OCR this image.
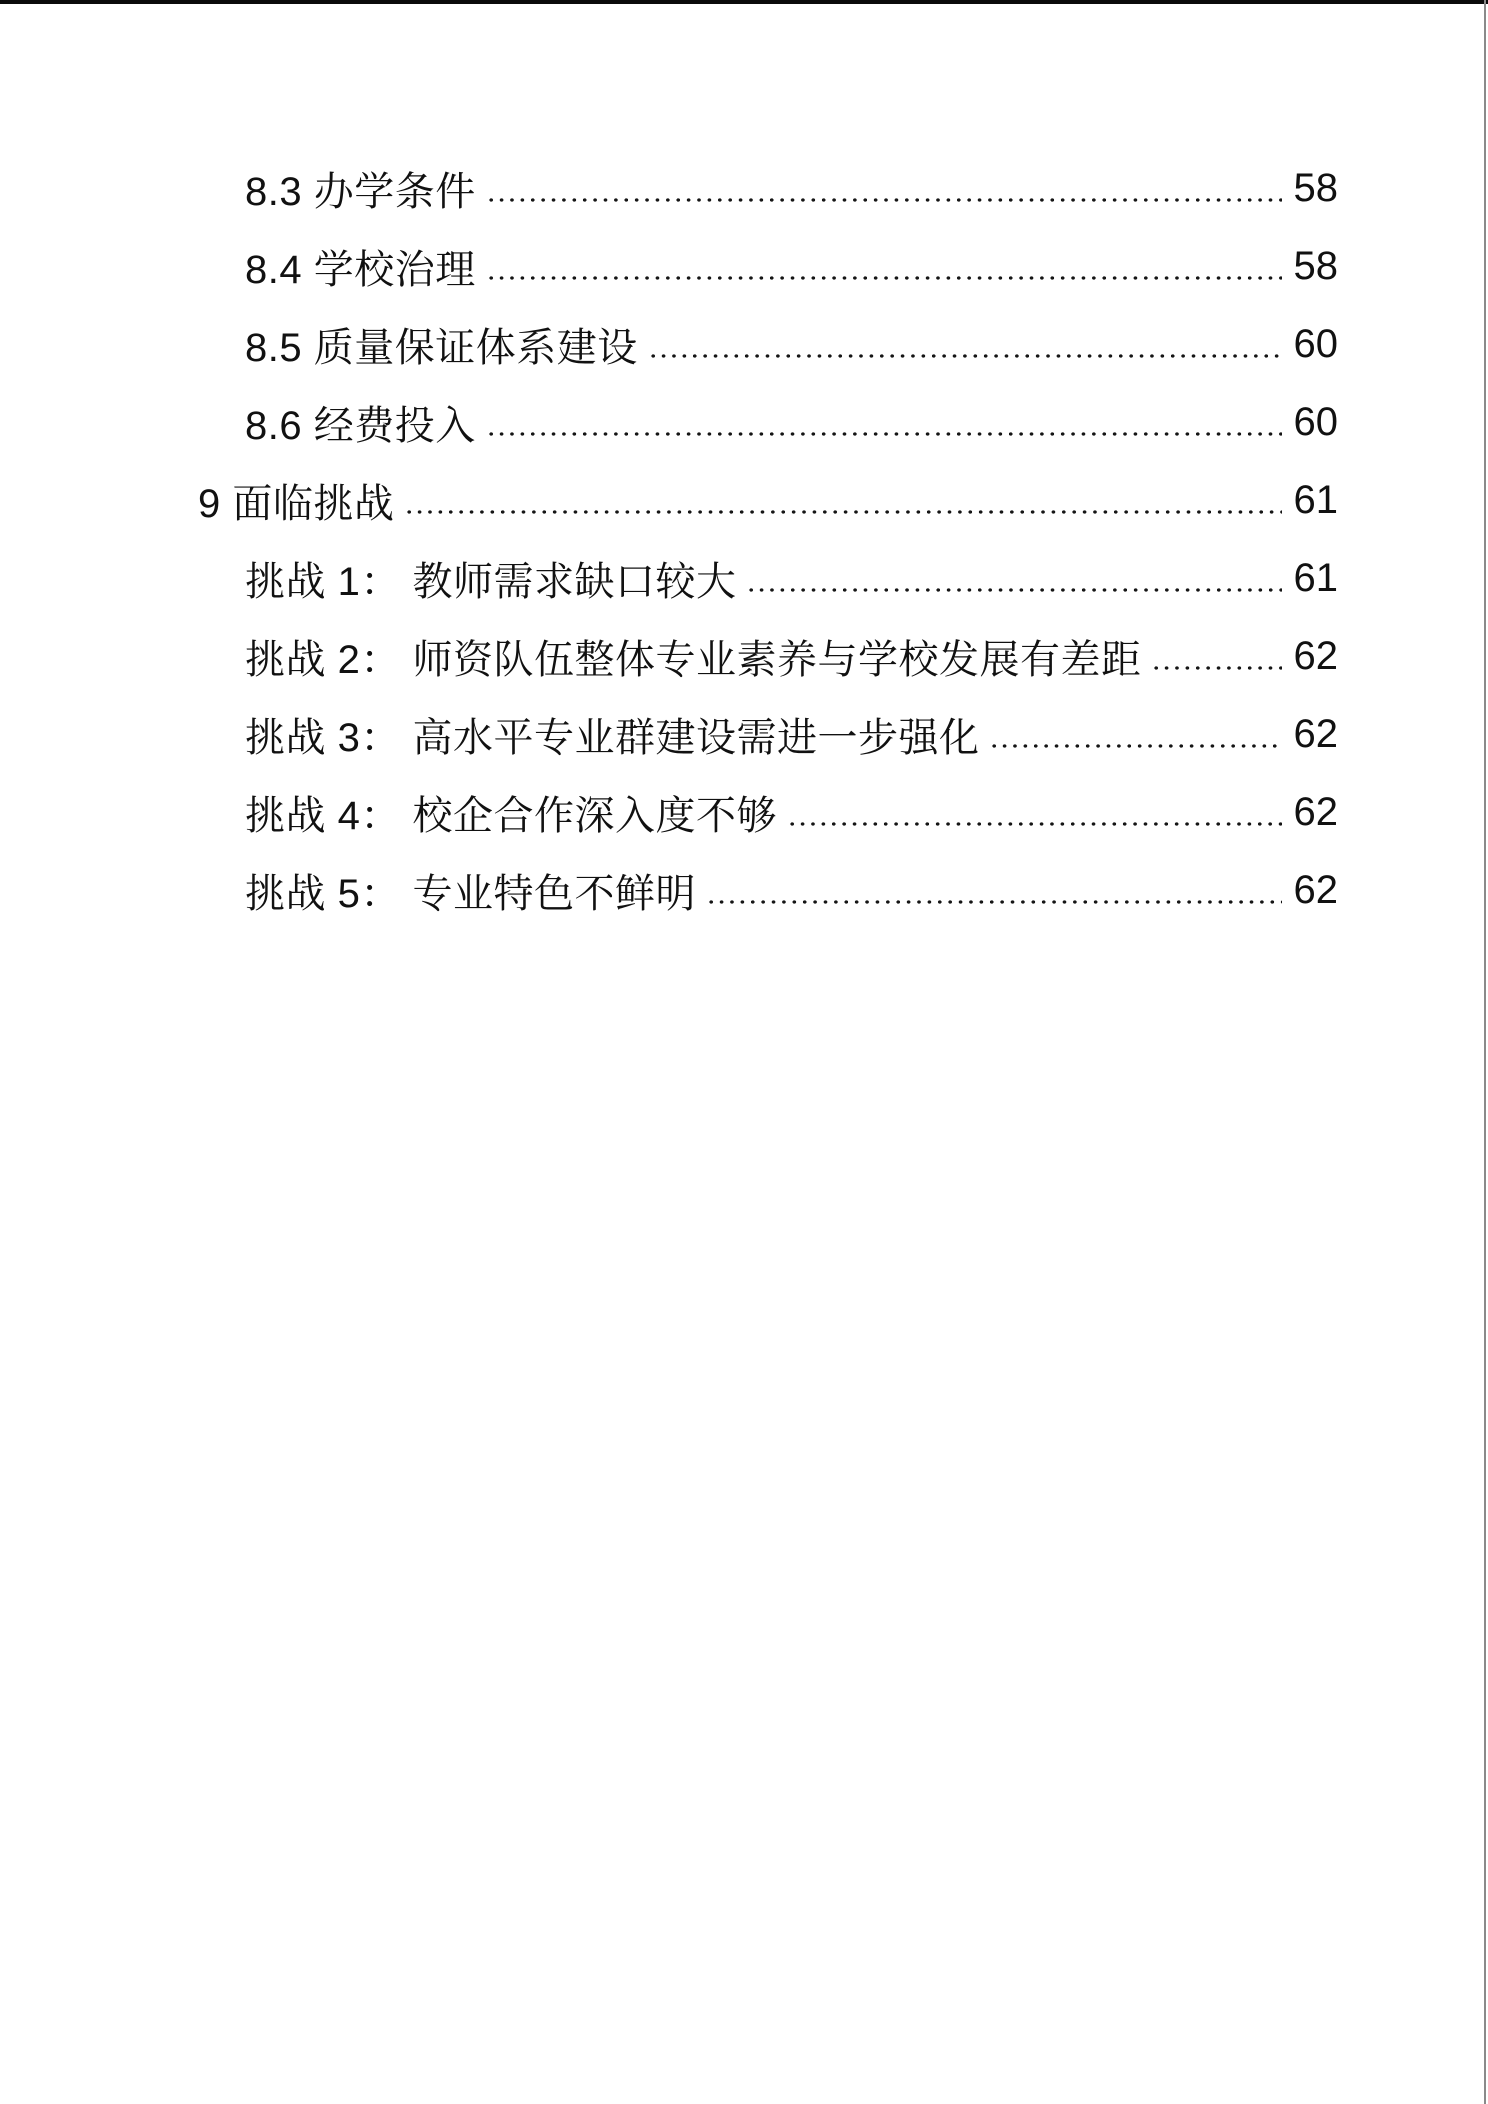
8.3 办学条件	58
8.4 学校治理	58
8.5 质量保证体系建设	60
8.6 经费投入	60
9 面临挑战	61
挑战 1： 教师需求缺口较大	61
挑战 2： 师资队伍整体专业素养与学校发展有差距	62
挑战 3： 高水平专业群建设需进一步强化	62
挑战 4： 校企合作深入度不够	62
挑战 5： 专业特色不鲜明	62
